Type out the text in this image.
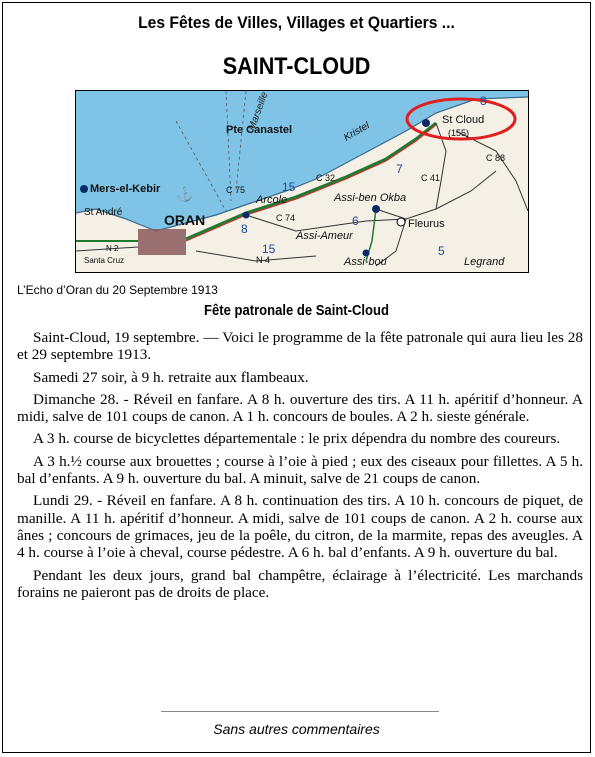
Les Fêtes de Villes, Villages et Quartiers ...
SAINT-CLOUD
⚓
Marseille
Pte Canastel
St Cloud
(155)
Mers-el-Kebir
St André	ORAN
Santa Cruz
Arcole	Assi-ben Okba
Fleurus
Assi-Ameur
Assi-bou	Legrand
Kristel
C 75
C 32
C 74
C 41
C 88
N 4
N 2
8
8
7
15
15
6
5
L’Echo d’Oran du 20 Septembre 1913
Fête patronale de Saint-Cloud

Saint-Cloud, 19 septembre. — Voici le programme de la fête patronale qui aura lieu les 28 et 29 septembre 1913.

Samedi 27 soir, à 9 h. retraite aux flambeaux.

Dimanche 28. - Réveil en fanfare. A 8 h. ouverture des tirs. A 11 h. apéritif d’honneur. A midi, salve de 101 coups de canon. A 1 h. concours de boules. A 2 h. sieste générale.

A 3 h. course de bicyclettes départementale : le prix dépendra du nombre des coureurs.

A 3 h.½ course aux brouettes ; course à l’oie à pied ; eux des ciseaux pour fillettes. A 5 h. bal d’enfants. A 9 h. ouverture du bal. A minuit, salve de 21 coups de canon.

Lundi 29. - Réveil en fanfare. A 8 h. continuation des tirs. A 10 h. concours de piquet, de manille. A 11 h. apéritif d’honneur. A midi, salve de 101 coups de canon. A 2 h. course aux ânes ; concours de grimaces, jeu de la poêle, du citron, de la marmite, repas des aveugles. A 4 h. course à l’oie à cheval, course pédestre. A 6 h. bal d’enfants. A 9 h. ouverture du bal.

Pendant les deux jours, grand bal champêtre, éclairage à l’électricité. Les marchands forains ne paieront pas de droits de place.

Sans autres commentaires
